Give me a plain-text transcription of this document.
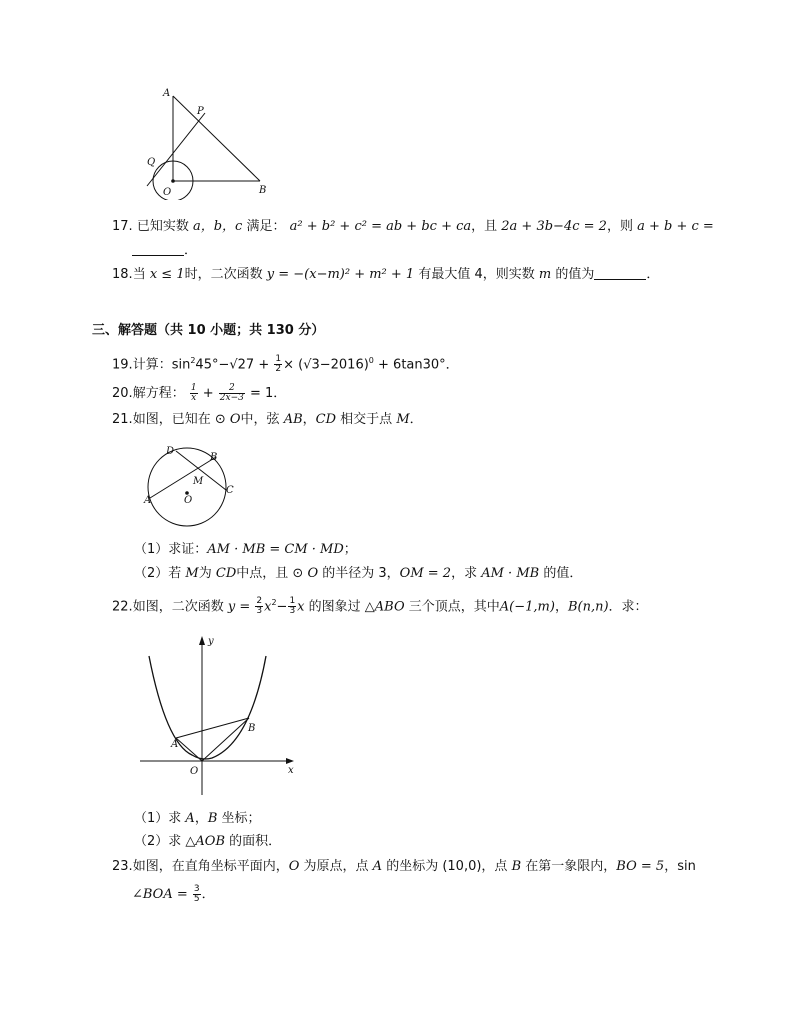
A
P
Q
O	B
17. 已知实数 a，b，c 满足： a² + b² + c² = ab + bc + ca，且 2a + 3b−4c = 2，则 a + b + c =
．
18.当 x ≤ 1时，二次函数 y = −(x−m)² + m² + 1 有最大值 4，则实数 m 的值为	．
三、解答题（共 10 小题；共 130 分）
19.计算：$\sin^245^\circ-√27 + \frac{1}{2} \times (√3-2016)^0 + 6\tan 30^\circ$．
20.解方程： $\frac{1}{x} + \frac{2}{2x-3} = 1$．
21.如图，已知在 ⊙ O中，弦 AB，CD 相交于点 M．
D
B
M
C
A	O
（1）求证：AM · MB = CM · MD；
（2）若 M为 CD中点，且 ⊙ O 的半径为 3，OM = 2，求 AM · MB 的值．
22.如图，二次函数 $y = \frac{2}{3} x^2- \frac{1}{3}$ x 的图象过 △ABO 三个顶点，其中A(−1,m)，B(n,n)．求：
y
x
O
A
B
（1）求 A，B 坐标；
（2）求 △AOB 的面积．
23.如图，在直角坐标平面内，O 为原点，点 A 的坐标为 (10,0)，点 B 在第一象限内，BO = 5，sin
∠BOA = $\frac{3}{5}$ ．
